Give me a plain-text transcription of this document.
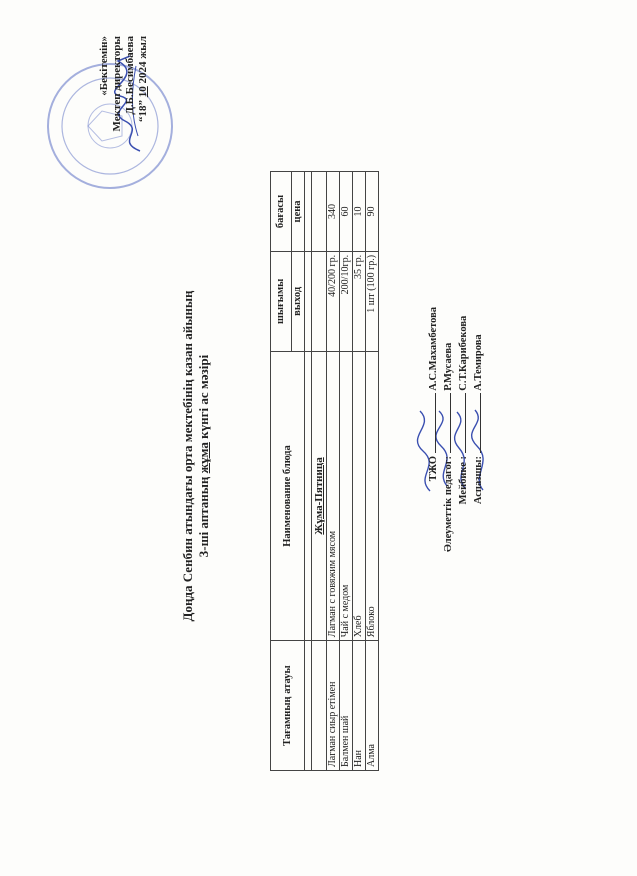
Доңда Сенбин атындағы орта мектебінің казан айының 3-ші аптаның жұма күнгі ас мәзірі
«Бекітемін» Мектеп директоры Д.Б.Бесимбаева
“18” 10 2024 жыл
Тағамның атауы	Наименование блюда	шығымы	бағасы
		выход	цена

	Жұма-Пятница		
Лагман сиыр етімен	Лагман с говяжим мясом	40/200 гр.	340
Балмен шай	Чай с медом	200/10гр.	60
Нан	Хлеб	35 гр.	10
Алма	Яблоко	1 шт (100 гр.)	90
ТЖО  А.С.Махамбетова
Әлеуметтік педагог:  Р.Мусаева
Мейбике :  С.Т.Карибекова
Аспазшы:  А.Темирова
